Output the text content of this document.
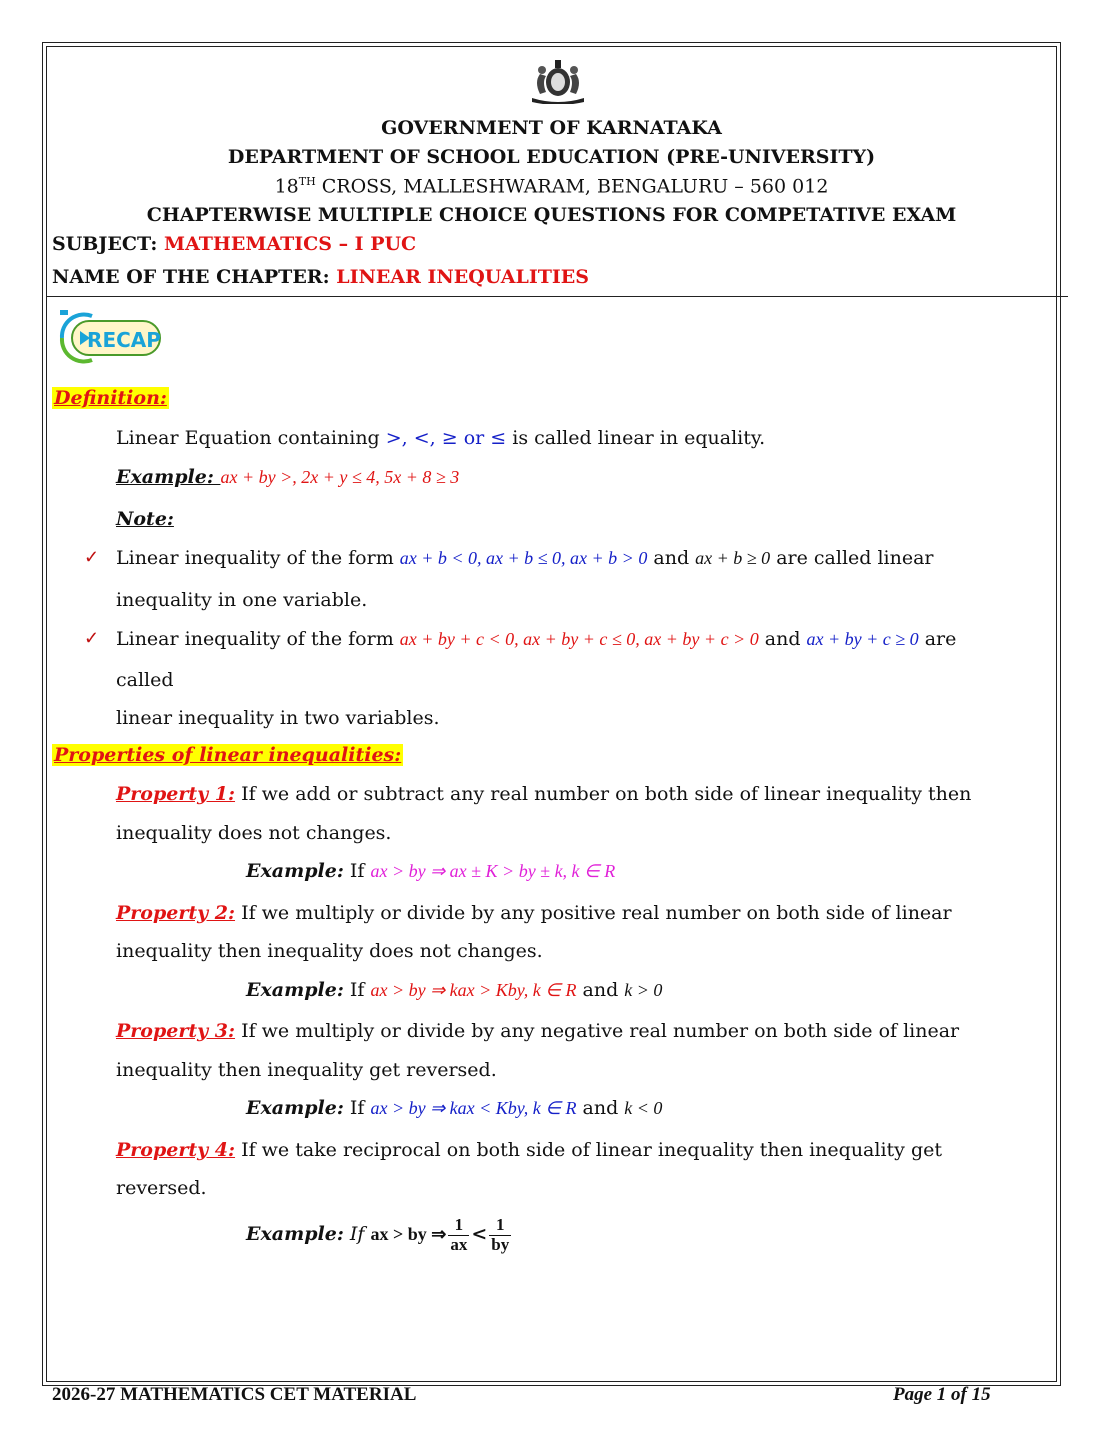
GOVERNMENT OF KARNATAKA
DEPARTMENT OF SCHOOL EDUCATION (PRE-UNIVERSITY)
18TH CROSS, MALLESHWARAM, BENGALURU – 560 012
CHAPTERWISE MULTIPLE CHOICE QUESTIONS FOR COMPETATIVE EXAM
SUBJECT: MATHEMATICS – I PUC
NAME OF THE CHAPTER: LINEAR INEQUALITIES
RECAP
Definition:
Linear Equation containing >, <, ≥ or ≤ is called linear in equality.
Example: ax + by >, 2x + y ≤ 4, 5x + 8 ≥ 3
Note:
✓ Linear inequality of the form ax + b < 0, ax + b ≤ 0, ax + b > 0 and ax + b ≥ 0 are called linear
inequality in one variable.
✓ Linear inequality of the form ax + by + c < 0, ax + by + c ≤ 0, ax + by + c > 0 and ax + by + c ≥ 0 are
called
linear inequality in two variables.
Properties of linear inequalities:
Property 1: If we add or subtract any real number on both side of linear inequality then
inequality does not changes.
Example: If ax > by ⇒ ax ± K > by ± k, k ∈ R
Property 2: If we multiply or divide by any positive real number on both side of linear
inequality then inequality does not changes.
Example: If ax > by ⇒ kax > Kby, k ∈ R and k > 0
Property 3: If we multiply or divide by any negative real number on both side of linear
inequality then inequality get reversed.
Example: If ax > by ⇒ kax < Kby, k ∈ R and k < 0
Property 4: If we take reciprocal on both side of linear inequality then inequality get
reversed.
Example: If ax > by ⇒ $\frac{1}{ax} < \frac{1}{by}$
2026-27 MATHEMATICS CET MATERIAL	Page 1 of 15
